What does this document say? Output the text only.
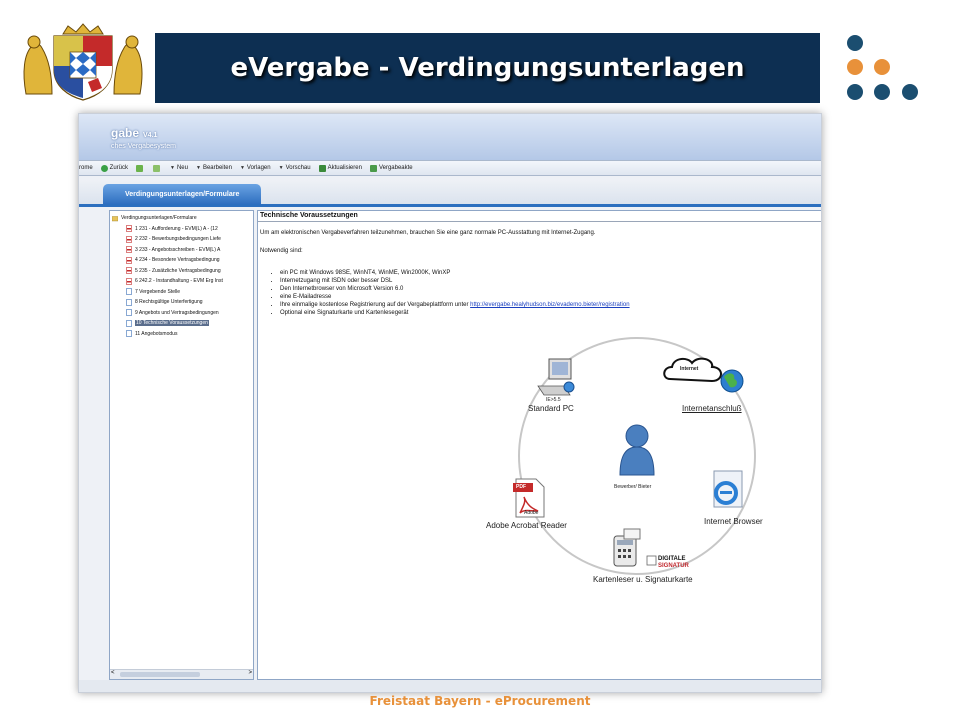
eVergabe - Verdingungsunterlagen
gabe V4.1
ches Vergabesystem
rome	Zurück	▼ Neu ▼ Bearbeiten ▼ Vorlagen ▼ Vorschau	Aktualisieren	Vergabeakte
Verdingungsunterlagen/Formulare
Verdingungsunterlagen/Formulare
1 231 - Aufforderung - EVM(L) A - (12
2 232 - Bewerbungsbedingungen Liefe
3 233 - Angebotsschreiben - EVM(L) A
4 234 - Besondere Vertragsbedingung
5 235 - Zusätzliche Vertragsbedingung
6 242.2 - Instandhaltung - EVM Erg Inst
7 Vergebende Stelle
8 Rechtsgültige Unterfertigung
9 Angebots und Vertragsbedingungen
10 Technische Voraussetzungen
11 Angebotsmodus
<	>
Technische Voraussetzungen
Um am elektronischen Vergabeverfahren teilzunehmen, brauchen Sie eine ganz normale PC-Ausstattung mit Internet-Zugang.
Notwendig sind:
• ein PC mit Windows 98SE, WinNT4, WinME, Win2000K, WinXP
• Internetzugang mit ISDN oder besser DSL
• Den Internetbrowser von Microsoft Version 6.0
• eine E-Mailadresse
• Ihre einmalige kostenlose Registrierung auf der Vergabeplattform unter http://evergabe.healyhudson.biz/evademo.bieter/registration
• Optional eine Signaturkarte und Kartenlesegerät
IE>5.5
Standard PC
Internet
Internetanschluß
Bewerber/ Bieter
PDF
Adobe
Adobe Acrobat Reader	Internet Browser
DIGITALE
SIGNATUR
Kartenleser u. Signaturkarte
Freistaat Bayern - eProcurement
